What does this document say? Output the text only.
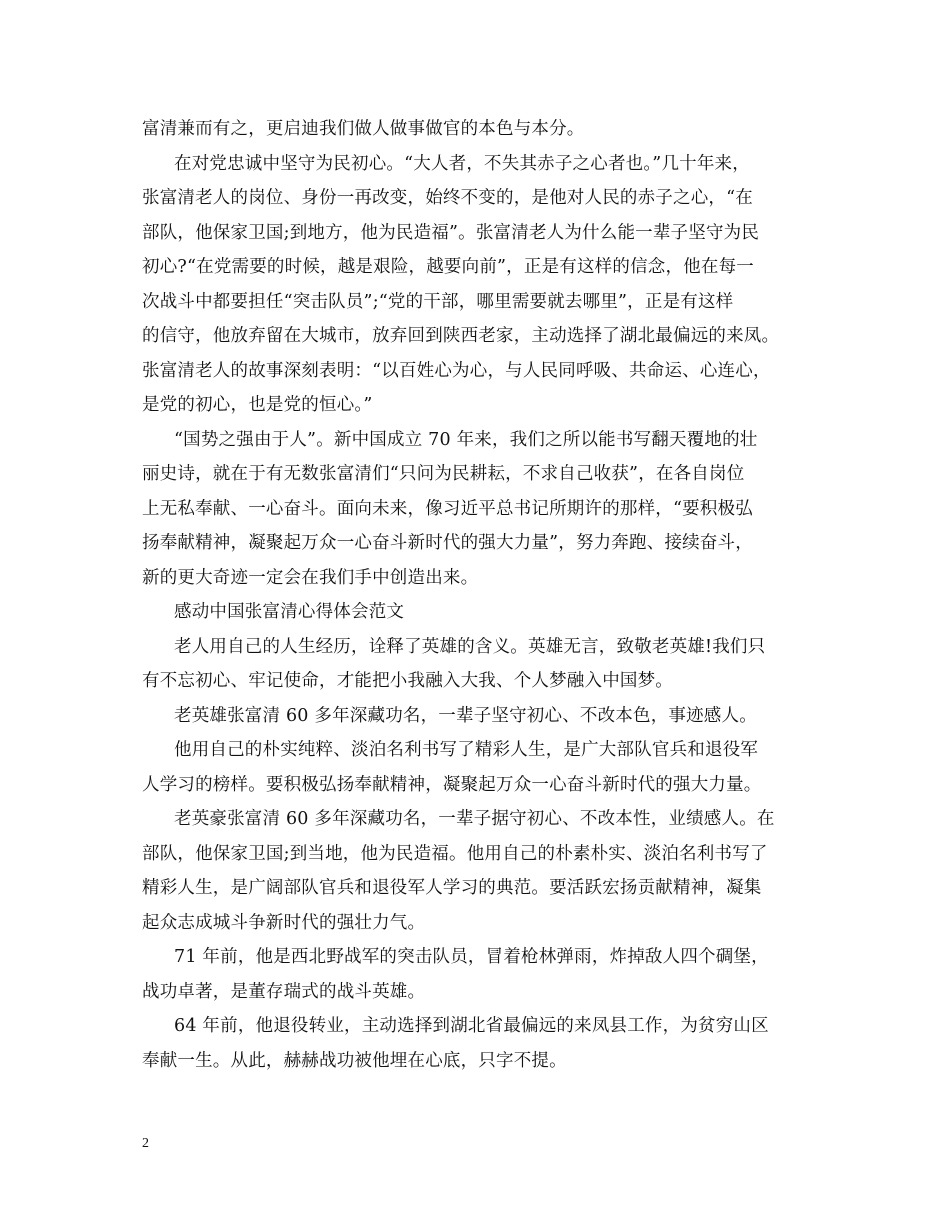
富清兼而有之，更启迪我们做人做事做官的本色与本分。
在对党忠诚中坚守为民初心。“大人者，不失其赤子之心者也。”几十年来，
张富清老人的岗位、身份一再改变，始终不变的，是他对人民的赤子之心，“在
部队，他保家卫国;到地方，他为民造福”。张富清老人为什么能一辈子坚守为民
初心?“在党需要的时候，越是艰险，越要向前”，正是有这样的信念，他在每一
次战斗中都要担任“突击队员”;“党的干部，哪里需要就去哪里”，正是有这样
的信守，他放弃留在大城市，放弃回到陕西老家，主动选择了湖北最偏远的来凤。
张富清老人的故事深刻表明：“以百姓心为心，与人民同呼吸、共命运、心连心，
是党的初心，也是党的恒心。”
“国势之强由于人”。新中国成立 70 年来，我们之所以能书写翻天覆地的壮
丽史诗，就在于有无数张富清们“只问为民耕耘，不求自己收获”，在各自岗位
上无私奉献、一心奋斗。面向未来，像习近平总书记所期许的那样，“要积极弘
扬奉献精神，凝聚起万众一心奋斗新时代的强大力量”，努力奔跑、接续奋斗，
新的更大奇迹一定会在我们手中创造出来。
感动中国张富清心得体会范文
老人用自己的人生经历，诠释了英雄的含义。英雄无言，致敬老英雄!我们只
有不忘初心、牢记使命，才能把小我融入大我、个人梦融入中国梦。
老英雄张富清 60 多年深藏功名，一辈子坚守初心、不改本色，事迹感人。
他用自己的朴实纯粹、淡泊名利书写了精彩人生，是广大部队官兵和退役军
人学习的榜样。要积极弘扬奉献精神，凝聚起万众一心奋斗新时代的强大力量。
老英豪张富清 60 多年深藏功名，一辈子据守初心、不改本性，业绩感人。在
部队，他保家卫国;到当地，他为民造福。他用自己的朴素朴实、淡泊名利书写了
精彩人生，是广阔部队官兵和退役军人学习的典范。要活跃宏扬贡献精神，凝集
起众志成城斗争新时代的强壮力气。
71 年前，他是西北野战军的突击队员，冒着枪林弹雨，炸掉敌人四个碉堡，
战功卓著，是董存瑞式的战斗英雄。
64 年前，他退役转业，主动选择到湖北省最偏远的来凤县工作，为贫穷山区
奉献一生。从此，赫赫战功被他埋在心底，只字不提。
2
